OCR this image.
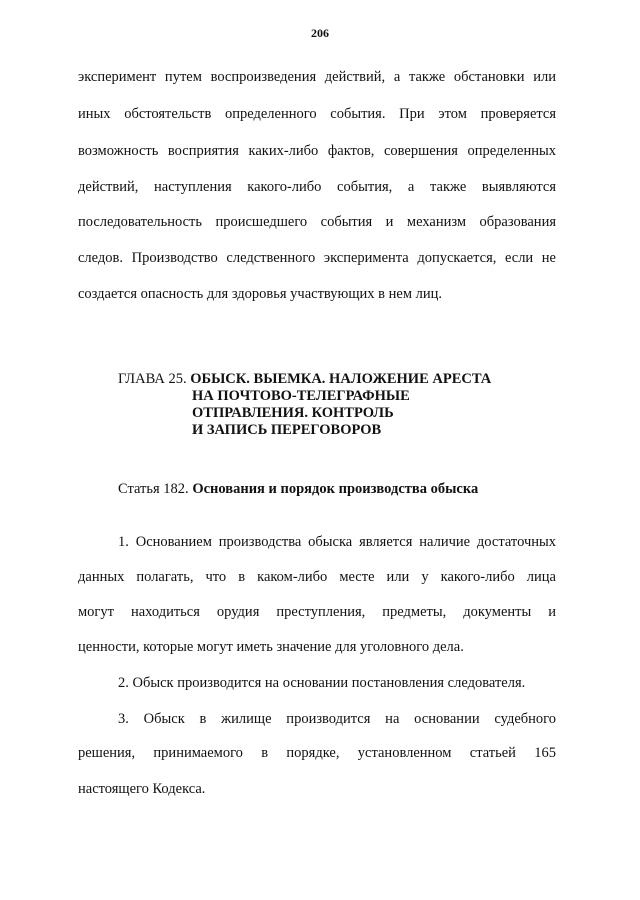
206
эксперимент путем воспроизведения действий, а также обстановки или
иных обстоятельств определенного события. При этом проверяется
возможность восприятия каких-либо фактов, совершения определенных
действий, наступления какого-либо события, а также выявляются
последовательность происшедшего события и механизм образования
следов. Производство следственного эксперимента допускается, если не
создается опасность для здоровья участвующих в нем лиц.
ГЛАВА 25. ОБЫСК. ВЫЕМКА. НАЛОЖЕНИЕ АРЕСТА
НА ПОЧТОВО-ТЕЛЕГРАФНЫЕ
ОТПРАВЛЕНИЯ. КОНТРОЛЬ
И ЗАПИСЬ ПЕРЕГОВОРОВ
Статья 182. Основания и порядок производства обыска
1. Основанием производства обыска является наличие достаточных
данных полагать, что в каком-либо месте или у какого-либо лица
могут находиться орудия преступления, предметы, документы и
ценности, которые могут иметь значение для уголовного дела.
2. Обыск производится на основании постановления следователя.
3. Обыск в жилище производится на основании судебного
решения, принимаемого в порядке, установленном статьей 165
настоящего Кодекса.
